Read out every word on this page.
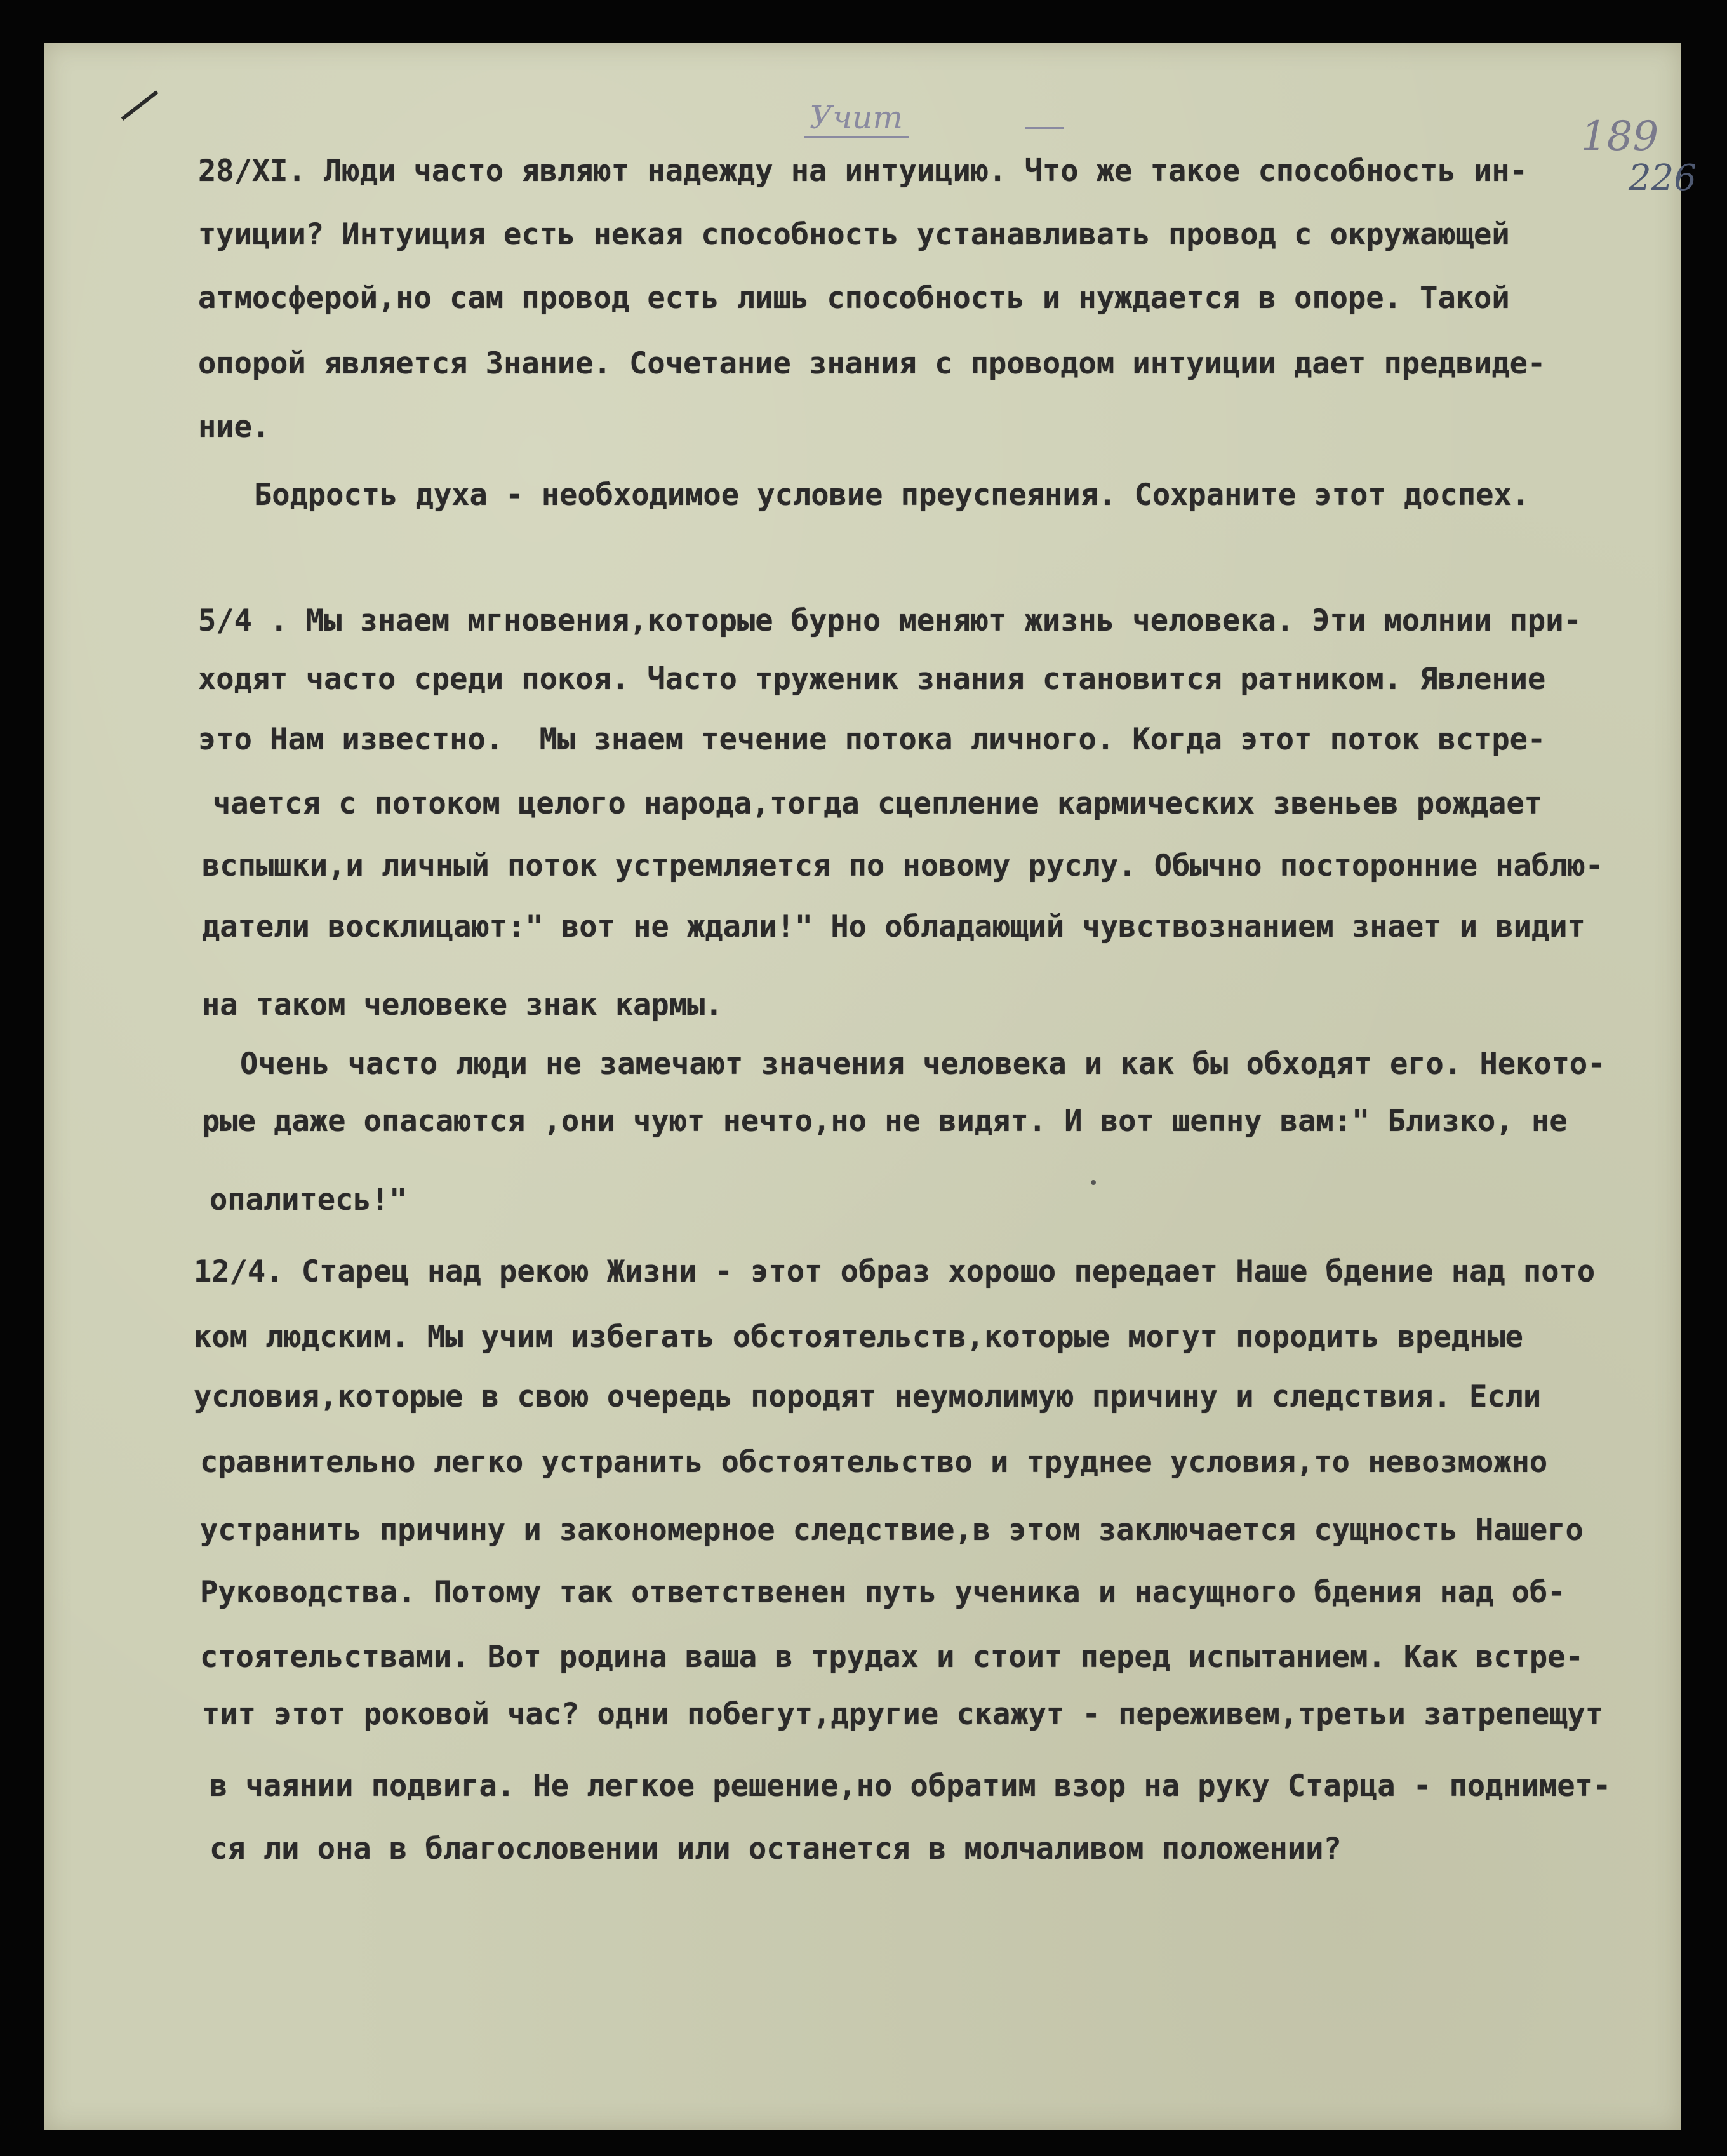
Учит	189
226
28/ХI. Люди часто являют надежду на интуицию. Что же такое способность ин-
туиции? Интуиция есть некая способность устанавливать провод с окружающей
атмосферой,но сам провод есть лишь способность и нуждается в опоре. Такой
опорой является Знание. Сочетание знания с проводом интуиции дает предвиде-
ние.
Бодрость духа - необходимое условие преуспеяния. Сохраните этот доспех.
5/4 . Мы знаем мгновения,которые бурно меняют жизнь человека. Эти молнии при-
ходят часто среди покоя. Часто труженик знания становится ратником. Явление
это Нам известно.  Мы знаем течение потока личного. Когда этот поток встре-
чается с потоком целого народа,тогда сцепление кармических звеньев рождает
вспышки,и личный поток устремляется по новому руслу. Обычно посторонние наблю-
датели восклицают:" вот не ждали!" Но обладающий чувствознанием знает и видит
на таком человеке знак кармы.
Очень часто люди не замечают значения человека и как бы обходят его. Некото-
рые даже опасаются ,они чуют нечто,но не видят. И вот шепну вам:" Близко, не
опалитесь!"
12/4. Старец над рекою Жизни - этот образ хорошо передает Наше бдение над пото
ком людским. Мы учим избегать обстоятельств,которые могут породить вредные
условия,которые в свою очередь породят неумолимую причину и следствия. Если
сравнительно легко устранить обстоятельство и труднее условия,то невозможно
устранить причину и закономерное следствие,в этом заключается сущность Нашего
Руководства. Потому так ответственен путь ученика и насущного бдения над об-
стоятельствами. Вот родина ваша в трудах и стоит перед испытанием. Как встре-
тит этот роковой час? одни побегут,другие скажут - переживем,третьи затрепещут
в чаянии подвига. Не легкое решение,но обратим взор на руку Старца - поднимет-
ся ли она в благословении или останется в молчаливом положении?
